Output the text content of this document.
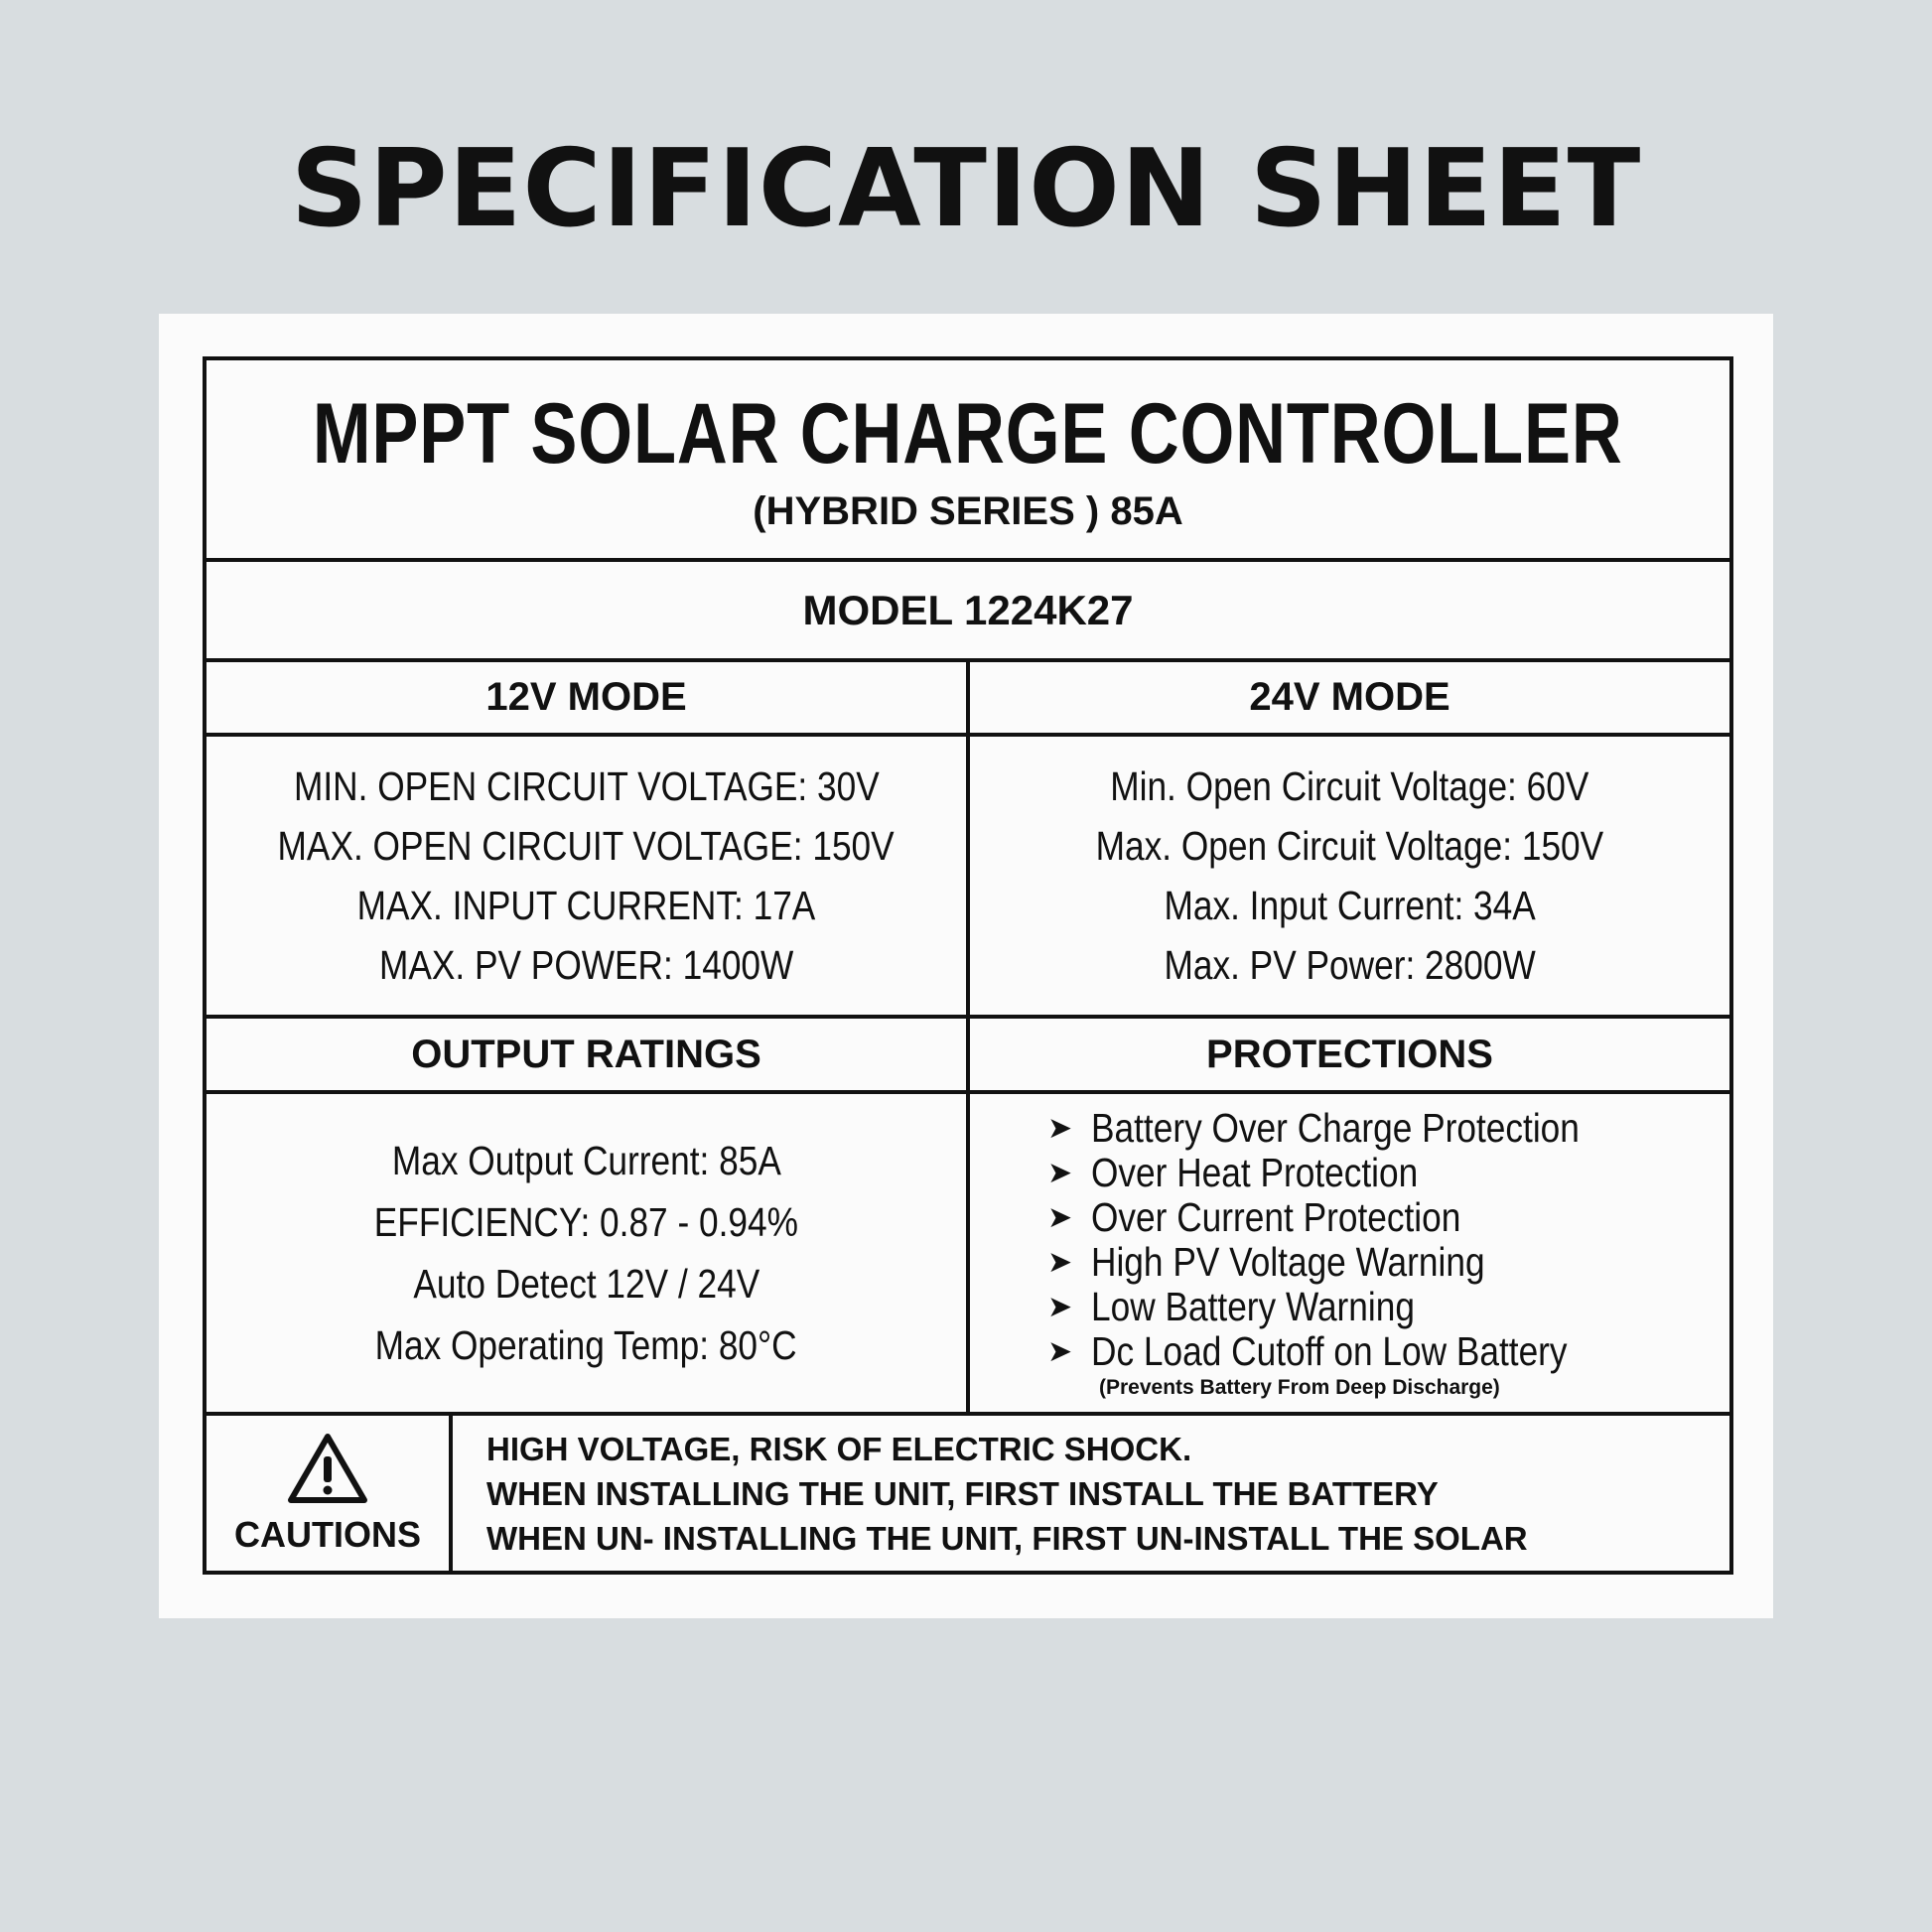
SPECIFICATION SHEET
MPPT SOLAR CHARGE CONTROLLER
(HYBRID SERIES ) 85A
MODEL 1224K27
12V MODE	24V MODE
MIN. OPEN CIRCUIT VOLTAGE: 30V
MAX. OPEN CIRCUIT VOLTAGE: 150V
MAX. INPUT CURRENT: 17A
MAX. PV POWER: 1400W
Min. Open Circuit Voltage: 60V
Max. Open Circuit Voltage: 150V
Max. Input Current: 34A
Max. PV Power: 2800W
OUTPUT RATINGS	PROTECTIONS
Max Output Current: 85A
EFFICIENCY: 0.87 - 0.94%
Auto Detect 12V / 24V
Max Operating Temp: 80°C
➤ Battery Over Charge Protection
➤ Over Heat Protection
➤ Over Current Protection
➤ High PV Voltage Warning
➤ Low Battery Warning
➤ Dc Load Cutoff on Low Battery
(Prevents Battery From Deep Discharge)
CAUTIONS
HIGH VOLTAGE, RISK OF ELECTRIC SHOCK.
WHEN INSTALLING THE UNIT, FIRST INSTALL THE BATTERY
WHEN UN- INSTALLING THE UNIT, FIRST UN-INSTALL THE SOLAR
